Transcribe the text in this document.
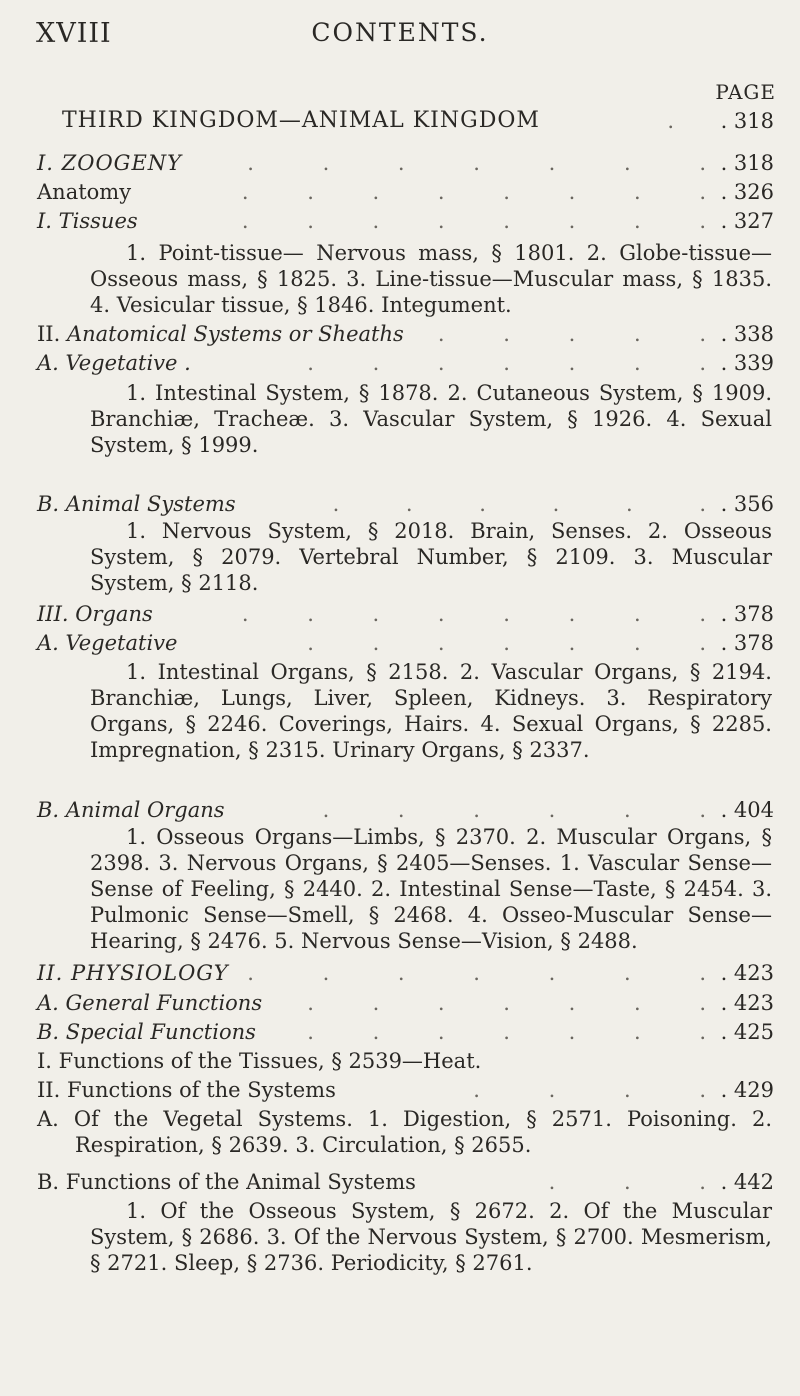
XVIII	CONTENTS.
PAGE
THIRD KINGDOM—ANIMAL KINGDOM	. . 318
I. ZOOGENY	. . . . . . . . 318
Anatomy	. . . . . . . . . 326
I. Tissues	. . . . . . . . . 327
1. Point-tissue— Nervous mass, § 1801. 2. Globe-tissue—Osseous mass, § 1825. 3. Line-tissue—Muscular mass, § 1835. 4. Vesicular tissue, § 1846. Integument.
II. Anatomical Systems or Sheaths . . . . . . 338
A. Vegetative .	. . . . . . . . 339
1. Intestinal System, § 1878. 2. Cutaneous System, § 1909. Branchiæ, Tracheæ. 3. Vascular System, § 1926. 4. Sexual System, § 1999.
B. Animal Systems	. . . . . . . 356
1. Nervous System, § 2018. Brain, Senses. 2. Osseous System, § 2079. Vertebral Number, § 2109. 3. Muscular System, § 2118.
III. Organs	. . . . . . . . . 378
A. Vegetative	. . . . . . . . 378
1. Intestinal Organs, § 2158. 2. Vascular Organs, § 2194. Branchiæ, Lungs, Liver, Spleen, Kidneys. 3. Respiratory Organs, § 2246. Coverings, Hairs. 4. Sexual Organs, § 2285. Impregnation, § 2315. Urinary Organs, § 2337.
B. Animal Organs	. . . . . . . 404
1. Osseous Organs—Limbs, § 2370. 2. Muscular Organs, § 2398. 3. Nervous Organs, § 2405—Senses. 1. Vascular Sense—Sense of Feeling, § 2440. 2. Intestinal Sense—Taste, § 2454. 3. Pulmonic Sense—Smell, § 2468. 4. Osseo-Muscular Sense—Hearing, § 2476. 5. Nervous Sense—Vision, § 2488.
II. PHYSIOLOGY . . . . . . . . 423
A. General Functions . . . . . . . . 423
B. Special Functions . . . . . . . . 425
I. Functions of the Tissues, § 2539—Heat.
II. Functions of the Systems	. . . . . 429
A. Of the Vegetal Systems. 1. Digestion, § 2571. Poisoning. 2. Respiration, § 2639. 3. Circulation, § 2655.
B. Functions of the Animal Systems	. . . . 442
1. Of the Osseous System, § 2672. 2. Of the Muscular System, § 2686. 3. Of the Nervous System, § 2700. Mesmerism, § 2721. Sleep, § 2736. Periodicity, § 2761.
